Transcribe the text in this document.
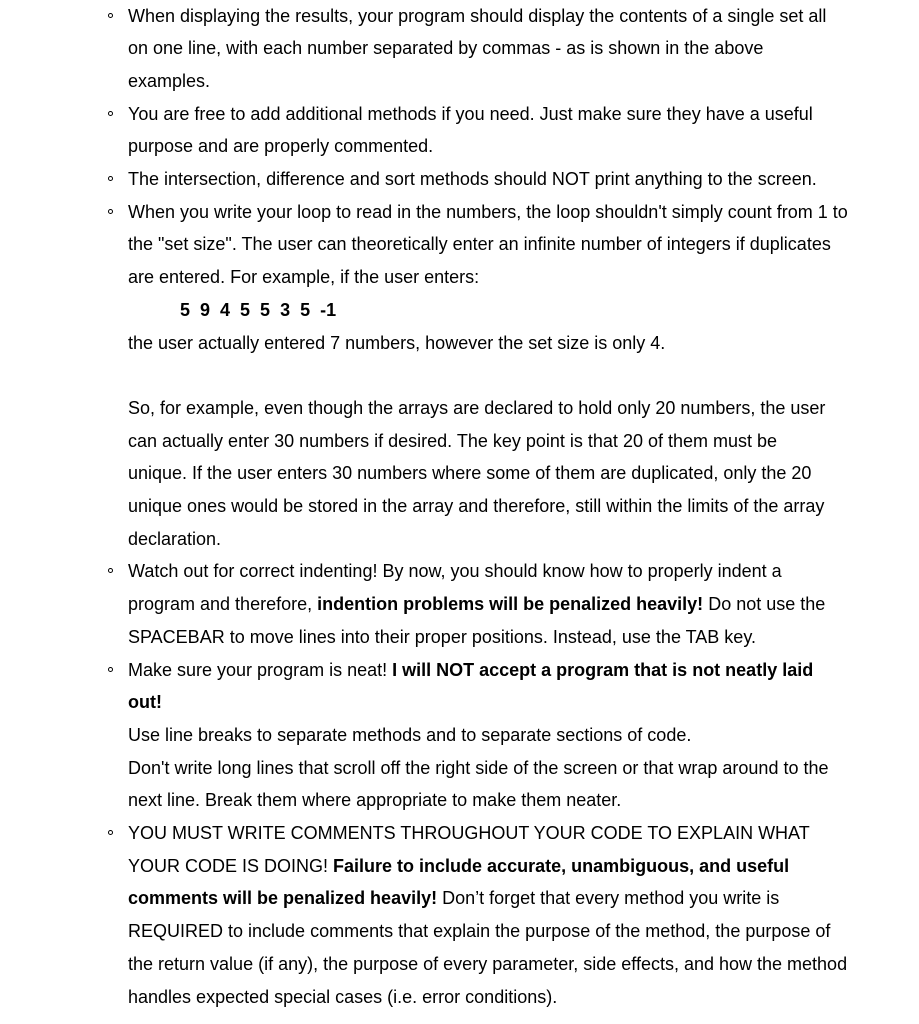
When displaying the results, your program should display the contents of a single set all
on one line, with each number separated by commas - as is shown in the above
examples.
You are free to add additional methods if you need. Just make sure they have a useful
purpose and are properly commented.
The intersection, difference and sort methods should NOT print anything to the screen.
When you write your loop to read in the numbers, the loop shouldn't simply count from 1 to
the "set size". The user can theoretically enter an infinite number of integers if duplicates
are entered. For example, if the user enters:
5  9  4  5  5  3  5  -1
the user actually entered 7 numbers, however the set size is only 4.
So, for example, even though the arrays are declared to hold only 20 numbers, the user
can actually enter 30 numbers if desired. The key point is that 20 of them must be
unique. If the user enters 30 numbers where some of them are duplicated, only the 20
unique ones would be stored in the array and therefore, still within the limits of the array
declaration.
Watch out for correct indenting! By now, you should know how to properly indent a
program and therefore, indention problems will be penalized heavily! Do not use the
SPACEBAR to move lines into their proper positions. Instead, use the TAB key.
Make sure your program is neat! I will NOT accept a program that is not neatly laid
out!
Use line breaks to separate methods and to separate sections of code.
Don't write long lines that scroll off the right side of the screen or that wrap around to the
next line. Break them where appropriate to make them neater.
YOU MUST WRITE COMMENTS THROUGHOUT YOUR CODE TO EXPLAIN WHAT
YOUR CODE IS DOING! Failure to include accurate, unambiguous, and useful
comments will be penalized heavily! Don’t forget that every method you write is
REQUIRED to include comments that explain the purpose of the method, the purpose of
the return value (if any), the purpose of every parameter, side effects, and how the method
handles expected special cases (i.e. error conditions).
